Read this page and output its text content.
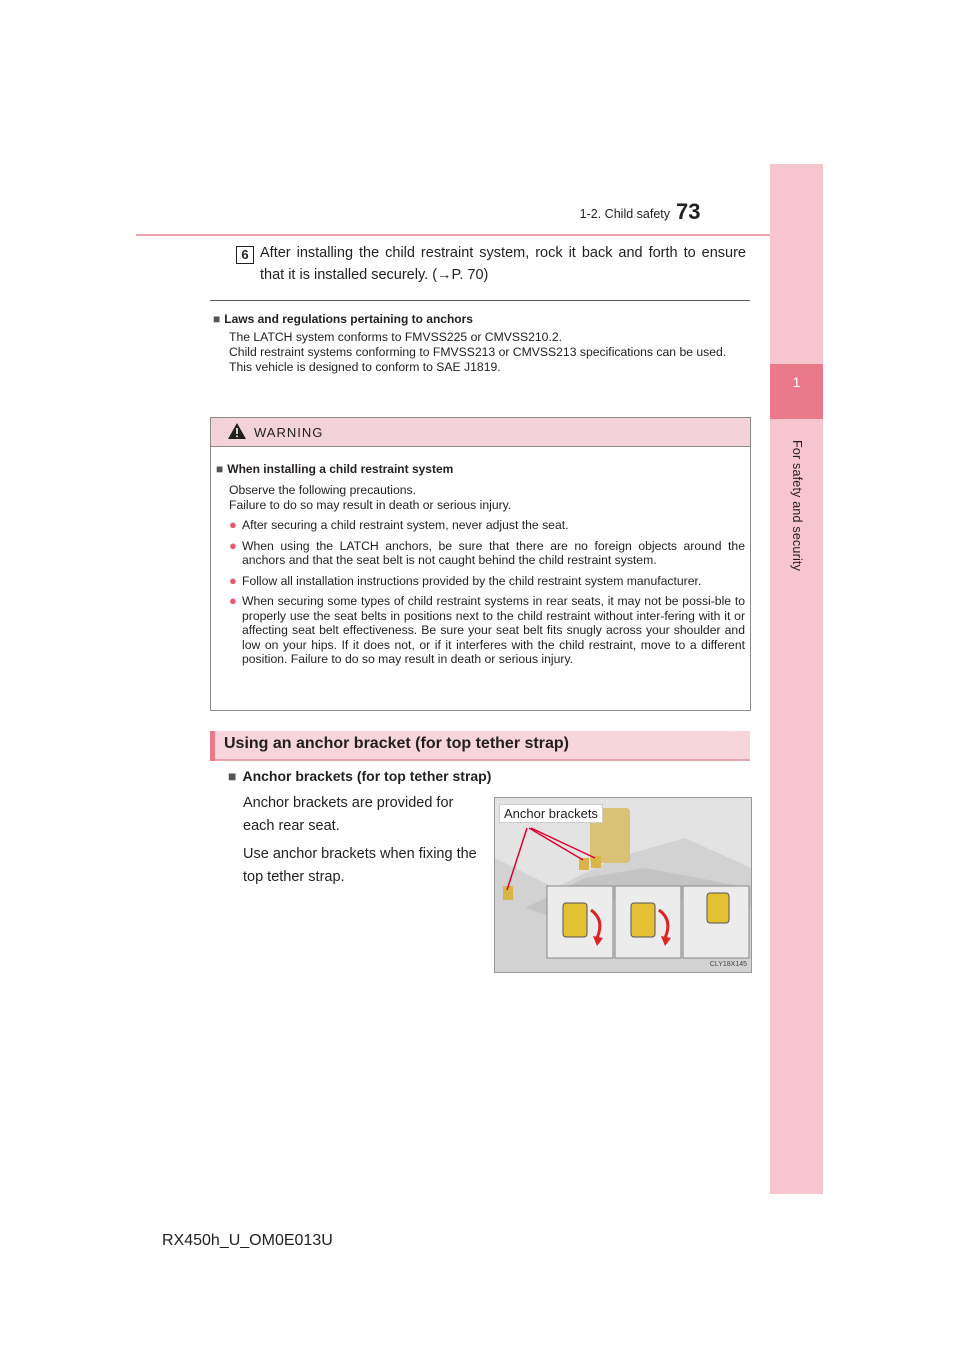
1-2. Child safety 73
1
For safety and security
6 After installing the child restraint system, rock it back and forth to ensure that it is installed securely. (→P. 70)
■ Laws and regulations pertaining to anchors
The LATCH system conforms to FMVSS225 or CMVSS210.2.
Child restraint systems conforming to FMVSS213 or CMVSS213 specifications can be used.
This vehicle is designed to conform to SAE J1819.
WARNING
■ When installing a child restraint system
Observe the following precautions.
Failure to do so may result in death or serious injury.
● After securing a child restraint system, never adjust the seat.
● When using the LATCH anchors, be sure that there are no foreign objects around the anchors and that the seat belt is not caught behind the child restraint system.
● Follow all installation instructions provided by the child restraint system manufacturer.
● When securing some types of child restraint systems in rear seats, it may not be possi-ble to properly use the seat belts in positions next to the child restraint without inter-fering with it or affecting seat belt effectiveness. Be sure your seat belt fits snugly across your shoulder and low on your hips. If it does not, or if it interferes with the child restraint, move to a different position. Failure to do so may result in death or serious injury.
Using an anchor bracket (for top tether strap)
■ Anchor brackets (for top tether strap)

Anchor brackets are provided for each rear seat.

Use anchor brackets when fixing the top tether strap.

Anchor brackets
CLY18X145
RX450h_U_OM0E013U
